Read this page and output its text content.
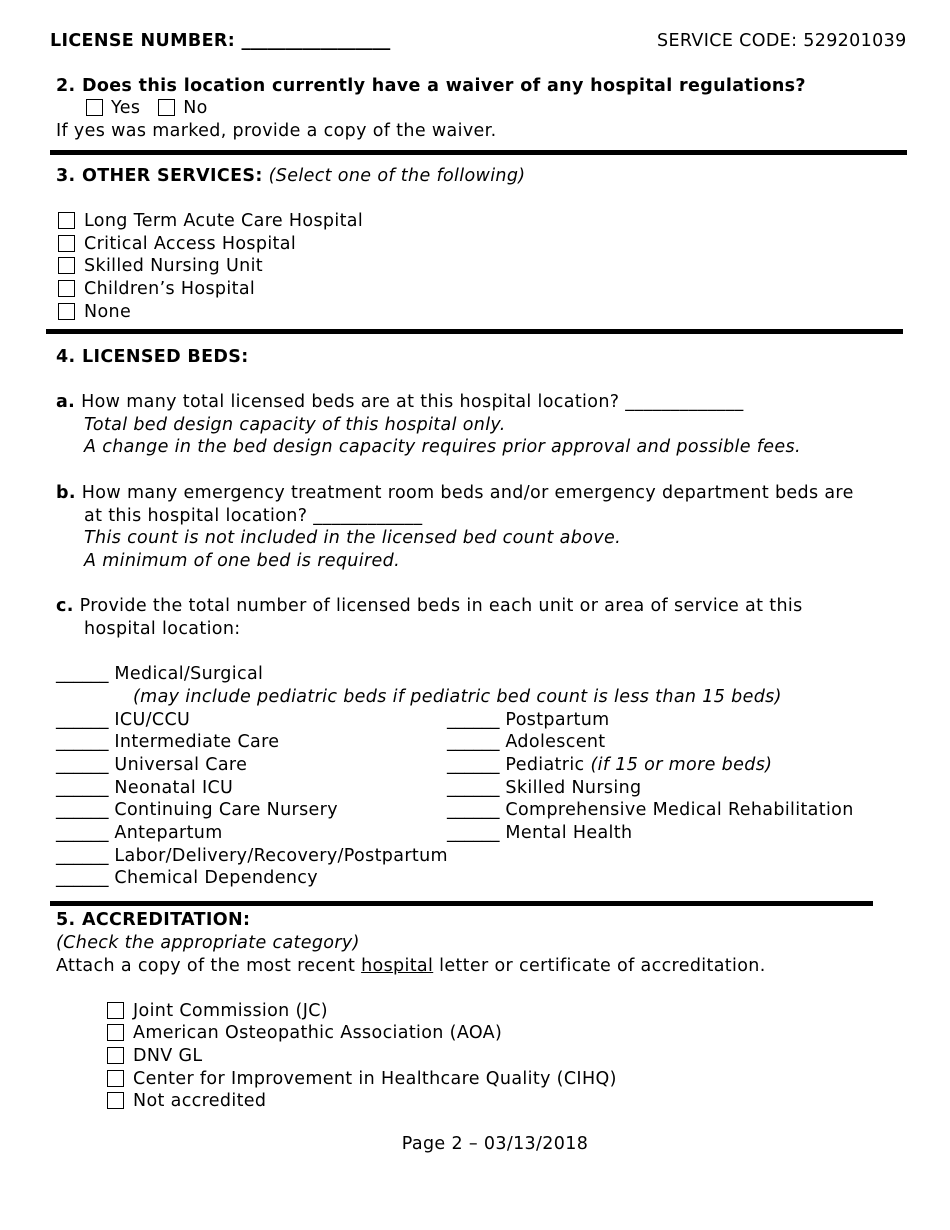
LICENSE NUMBER: _________________	SERVICE CODE: 529201039
2. Does this location currently have a waiver of any hospital regulations?
Yes No
If yes was marked, provide a copy of the waiver.
3. OTHER SERVICES: (Select one of the following)
Long Term Acute Care Hospital
Critical Access Hospital
Skilled Nursing Unit
Children’s Hospital
None
4. LICENSED BEDS:
a. How many total licensed beds are at this hospital location? _____________
Total bed design capacity of this hospital only.
A change in the bed design capacity requires prior approval and possible fees.
b. How many emergency treatment room beds and/or emergency department beds are
at this hospital location? ____________
This count is not included in the licensed bed count above.
A minimum of one bed is required.
c. Provide the total number of licensed beds in each unit or area of service at this
hospital location:
______ Medical/Surgical
(may include pediatric beds if pediatric bed count is less than 15 beds)
______ ICU/CCU
______ Intermediate Care
______ Universal Care
______ Neonatal ICU
______ Continuing Care Nursery
______ Antepartum
______ Labor/Delivery/Recovery/Postpartum
______ Chemical Dependency
______ Postpartum
______ Adolescent
______ Pediatric (if 15 or more beds)
______ Skilled Nursing
______ Comprehensive Medical Rehabilitation
______ Mental Health
5. ACCREDITATION:
(Check the appropriate category)
Attach a copy of the most recent hospital letter or certificate of accreditation.
Joint Commission (JC)
American Osteopathic Association (AOA)
DNV GL
Center for Improvement in Healthcare Quality (CIHQ)
Not accredited
Page 2 – 03/13/2018
